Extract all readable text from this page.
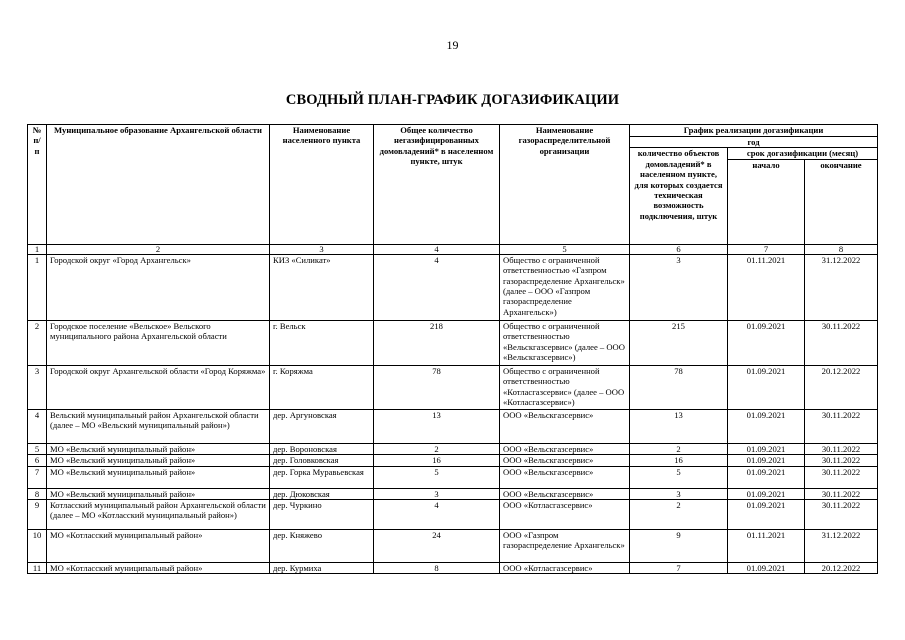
19
СВОДНЫЙ ПЛАН-ГРАФИК ДОГАЗИФИКАЦИИ
№ п/п	Муниципальное образование Архангельской области	Наименование населенного пункта	Общее количество негазифицированных домовладений* в населенном пункте, штук	Наименование газораспределительной организации	График реализации догазификации		
					год		
					количество объектов домовладений* в населенном пункте, для которых создается техническая возможность подключения, штук	срок догазификации (месяц)	
						начало	окончание
1	2	3	4	5	6	7	8
1	Городской округ «Город Архангельск»	КИЗ «Силикат»	4	Общество с ограниченной ответственностью «Газпром газораспределение Архангельск» (далее – ООО «Газпром газораспределение Архангельск»)	3	01.11.2021	31.12.2022
2	Городское поселение «Вельское» Вельского муниципального района Архангельской области	г. Вельск	218	Общество с ограниченной ответственностью «Вельскгазсервис» (далее – ООО «Вельскгазсервис»)	215	01.09.2021	30.11.2022
3	Городской округ Архангельской области «Город Коряжма»	г. Коряжма	78	Общество с ограниченной ответственностью «Котласгазсервис» (далее – ООО «Котласгазсервис»)	78	01.09.2021	20.12.2022
4	Вельский муниципальный район Архангельской области (далее – МО «Вельский муниципальный район»)	дер. Аргуновская	13	ООО «Вельскгазсервис»	13	01.09.2021	30.11.2022
5	МО «Вельский муниципальный район»	дер. Вороновская	2	ООО «Вельскгазсервис»	2	01.09.2021	30.11.2022
6	МО «Вельский муниципальный район»	дер. Головковская	16	ООО «Вельскгазсервис»	16	01.09.2021	30.11.2022
7	МО «Вельский муниципальный район»	дер. Горка Муравьевская	5	ООО «Вельскгазсервис»	5	01.09.2021	30.11.2022
8	МО «Вельский муниципальный район»	дер. Дюковская	3	ООО «Вельскгазсервис»	3	01.09.2021	30.11.2022
9	Котласский муниципальный район Архангельской области (далее – МО «Котласский муниципальный район»)	дер. Чуркино	4	ООО «Котласгазсервис»	2	01.09.2021	30.11.2022
10	МО «Котласский муниципальный район»	дер. Княжево	24	ООО «Газпром газораспределение Архангельск»	9	01.11.2021	31.12.2022
11	МО «Котласский муниципальный район»	дер. Курмиха	8	ООО «Котласгазсервис»	7	01.09.2021	20.12.2022
